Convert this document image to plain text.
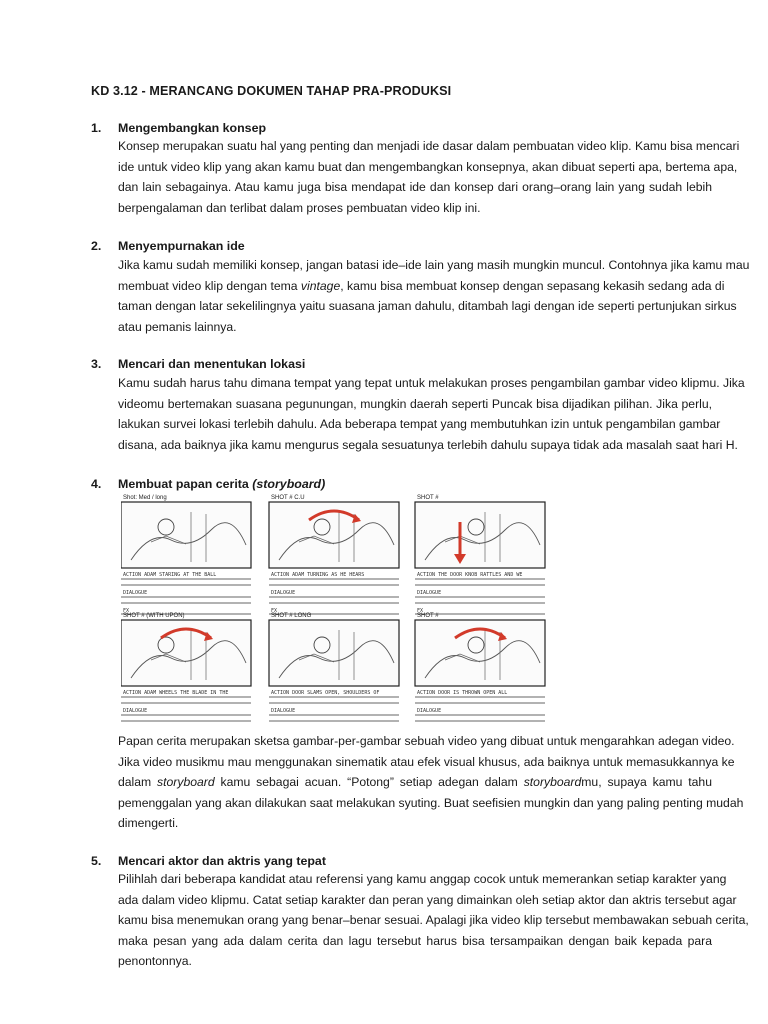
KD 3.12 - MERANCANG DOKUMEN TAHAP PRA-PRODUKSI
1. Mengembangkan konsep
Konsep merupakan suatu hal yang penting dan menjadi ide dasar dalam pembuatan video klip. Kamu bisa mencari
ide untuk video klip yang akan kamu buat dan mengembangkan konsepnya, akan dibuat seperti apa, bertema apa,
dan lain sebagainya. Atau kamu juga bisa mendapat ide dan konsep dari orang–orang lain yang sudah lebih
berpengalaman dan terlibat dalam proses pembuatan video klip ini.
2. Menyempurnakan ide
Jika kamu sudah memiliki konsep, jangan batasi ide–ide lain yang masih mungkin muncul. Contohnya jika kamu mau
membuat video klip dengan tema vintage, kamu bisa membuat konsep dengan sepasang kekasih sedang ada di
taman dengan latar sekelilingnya yaitu suasana jaman dahulu, ditambah lagi dengan ide seperti pertunjukan sirkus
atau pemanis lainnya.
3. Mencari dan menentukan lokasi
Kamu sudah harus tahu dimana tempat yang tepat untuk melakukan proses pengambilan gambar video klipmu. Jika
videomu bertemakan suasana pegunungan, mungkin daerah seperti Puncak bisa dijadikan pilihan. Jika perlu,
lakukan survei lokasi terlebih dahulu. Ada beberapa tempat yang membutuhkan izin untuk pengambilan gambar
disana, ada baiknya jika kamu mengurus segala sesuatunya terlebih dahulu supaya tidak ada masalah saat hari H.
4. Membuat papan cerita (storyboard)
Shot: Med / long
ACTION ADAM STARING AT THE BALL
DIALOGUE
FX
SHOT # C.U
ACTION ADAM TURNING AS HE HEARS
DIALOGUE
FX
SHOT #
ACTION THE DOOR KNOB RATTLES AND WE
DIALOGUE
FX
SHOT # (WITH UPON)
ACTION ADAM WHEELS THE BLADE IN THE
DIALOGUE
SHOT # LONG
ACTION DOOR SLAMS OPEN, SHOULDERS OF
DIALOGUE
SHOT #
ACTION DOOR IS THROWN OPEN ALL
DIALOGUE
Papan cerita merupakan sketsa gambar-per-gambar sebuah video yang dibuat untuk mengarahkan adegan video.
Jika video musikmu mau menggunakan sinematik atau efek visual khusus, ada baiknya untuk memasukkannya ke
dalam storyboard kamu sebagai acuan. “Potong” setiap adegan dalam storyboardmu, supaya kamu tahu
pemenggalan yang akan dilakukan saat melakukan syuting. Buat seefisien mungkin dan yang paling penting mudah
dimengerti.
5. Mencari aktor dan aktris yang tepat
Pilihlah dari beberapa kandidat atau referensi yang kamu anggap cocok untuk memerankan setiap karakter yang
ada dalam video klipmu. Catat setiap karakter dan peran yang dimainkan oleh setiap aktor dan aktris tersebut agar
kamu bisa menemukan orang yang benar–benar sesuai. Apalagi jika video klip tersebut membawakan sebuah cerita,
maka pesan yang ada dalam cerita dan lagu tersebut harus bisa tersampaikan dengan baik kepada para
penontonnya.
